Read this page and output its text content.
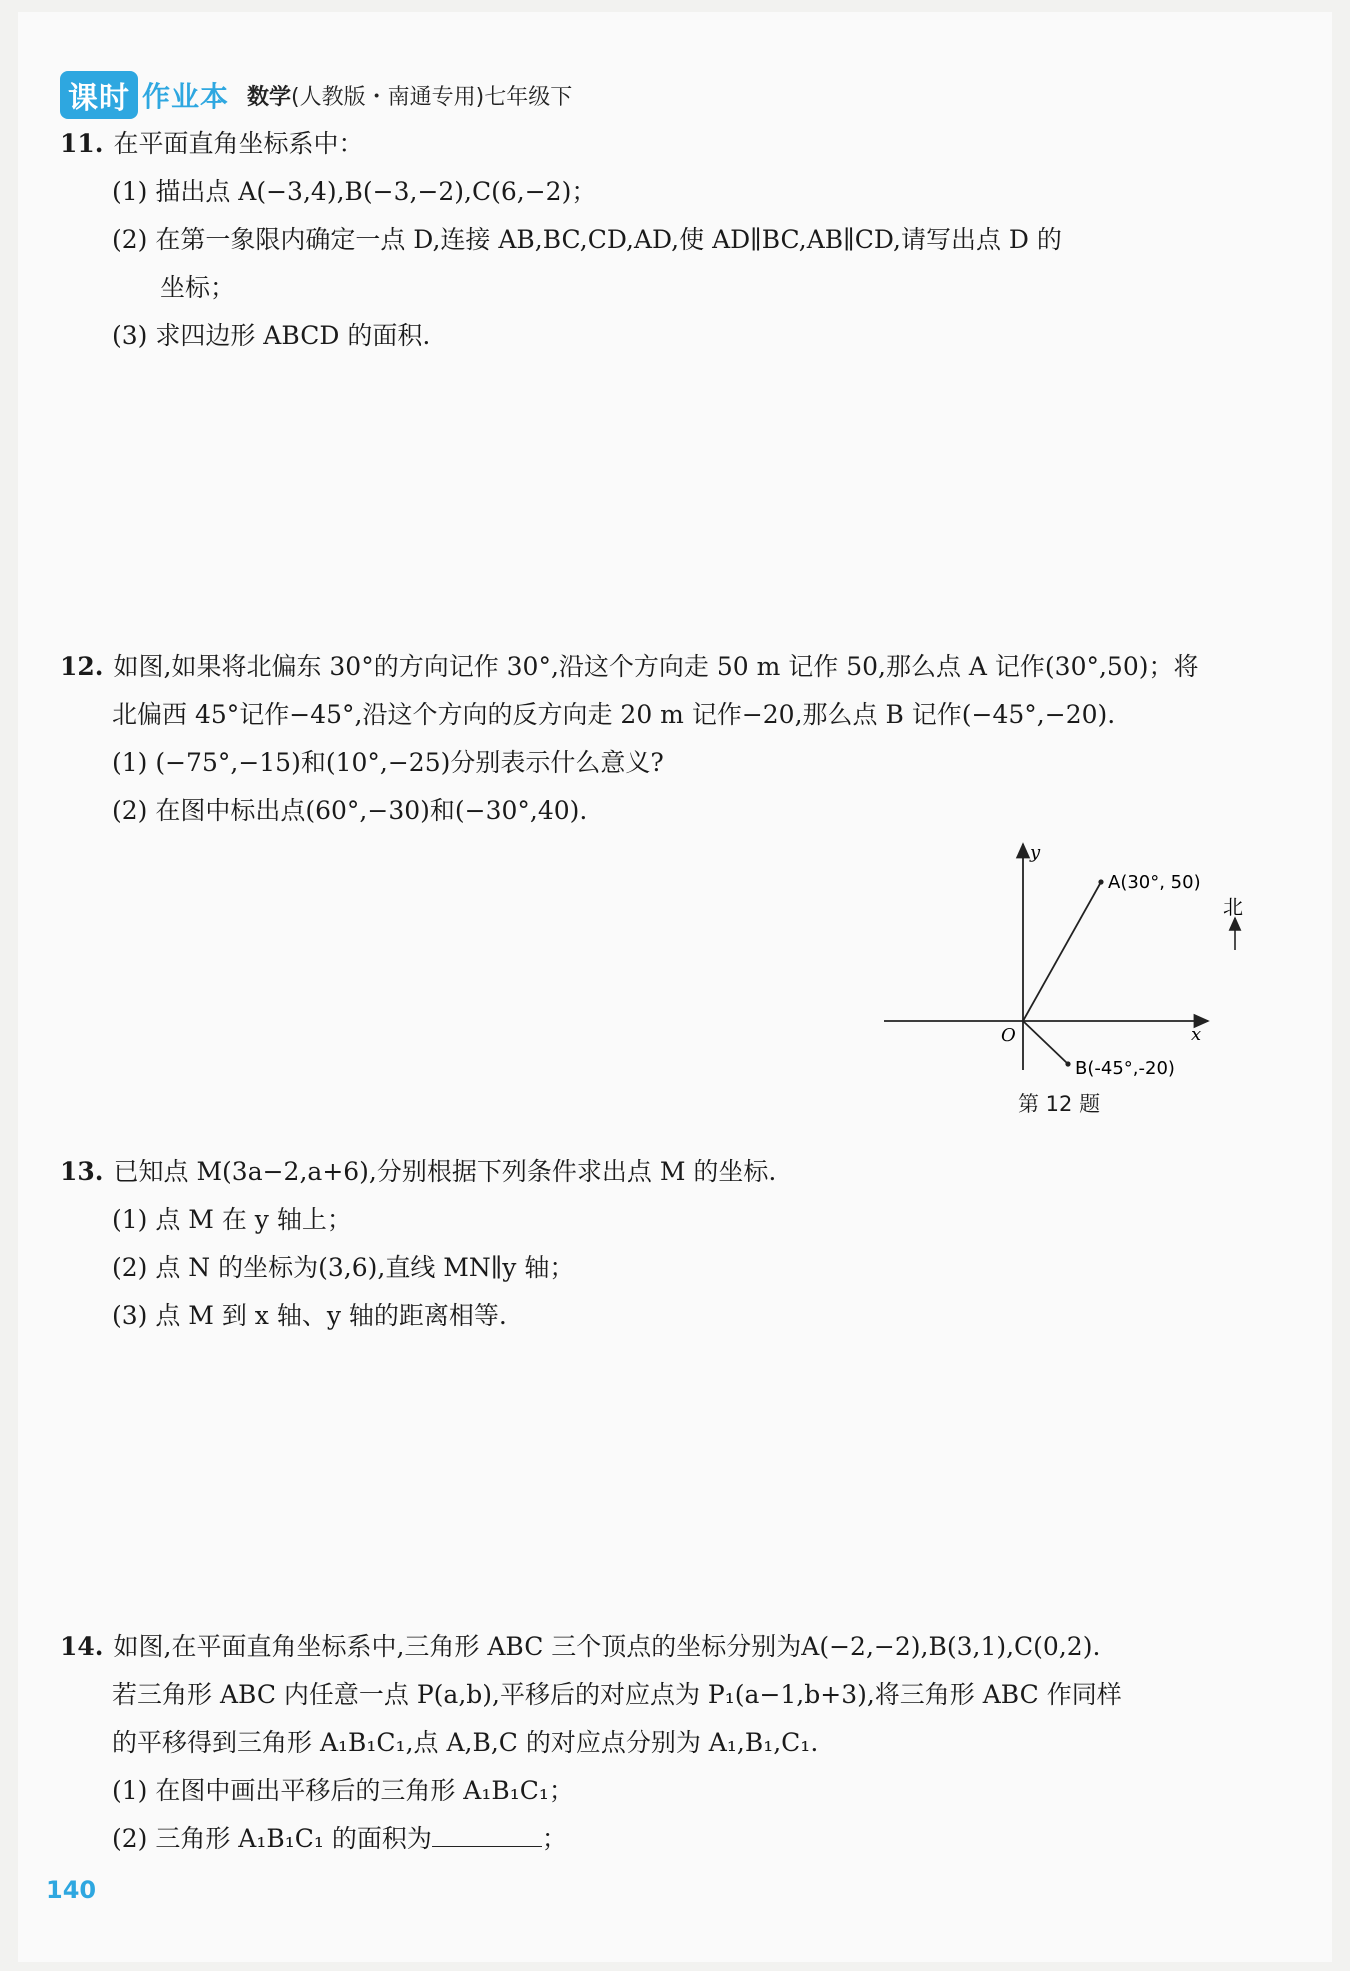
课时 作业本 数学(人教版・南通专用)七年级下
11. 在平面直角坐标系中：
(1) 描出点 A(−3,4),B(−3,−2),C(6,−2)；
(2) 在第一象限内确定一点 D,连接 AB,BC,CD,AD,使 AD∥BC,AB∥CD,请写出点 D 的
坐标；
(3) 求四边形 ABCD 的面积.
12. 如图,如果将北偏东 30°的方向记作 30°,沿这个方向走 50 m 记作 50,那么点 A 记作(30°,50)；将
北偏西 45°记作−45°,沿这个方向的反方向走 20 m 记作−20,那么点 B 记作(−45°,−20).
(1) (−75°,−15)和(10°,−25)分别表示什么意义?
(2) 在图中标出点(60°,−30)和(−30°,40).
y
x
O
A(30°, 50)
B(-45°,-20)
北
第 12 题
13. 已知点 M(3a−2,a+6),分别根据下列条件求出点 M 的坐标.
(1) 点 M 在 y 轴上；
(2) 点 N 的坐标为(3,6),直线 MN∥y 轴；
(3) 点 M 到 x 轴、y 轴的距离相等.
14. 如图,在平面直角坐标系中,三角形 ABC 三个顶点的坐标分别为A(−2,−2),B(3,1),C(0,2).
若三角形 ABC 内任意一点 P(a,b),平移后的对应点为 P₁(a−1,b+3),将三角形 ABC 作同样
的平移得到三角形 A₁B₁C₁,点 A,B,C 的对应点分别为 A₁,B₁,C₁.
(1) 在图中画出平移后的三角形 A₁B₁C₁；
(2) 三角形 A₁B₁C₁ 的面积为	；
140
